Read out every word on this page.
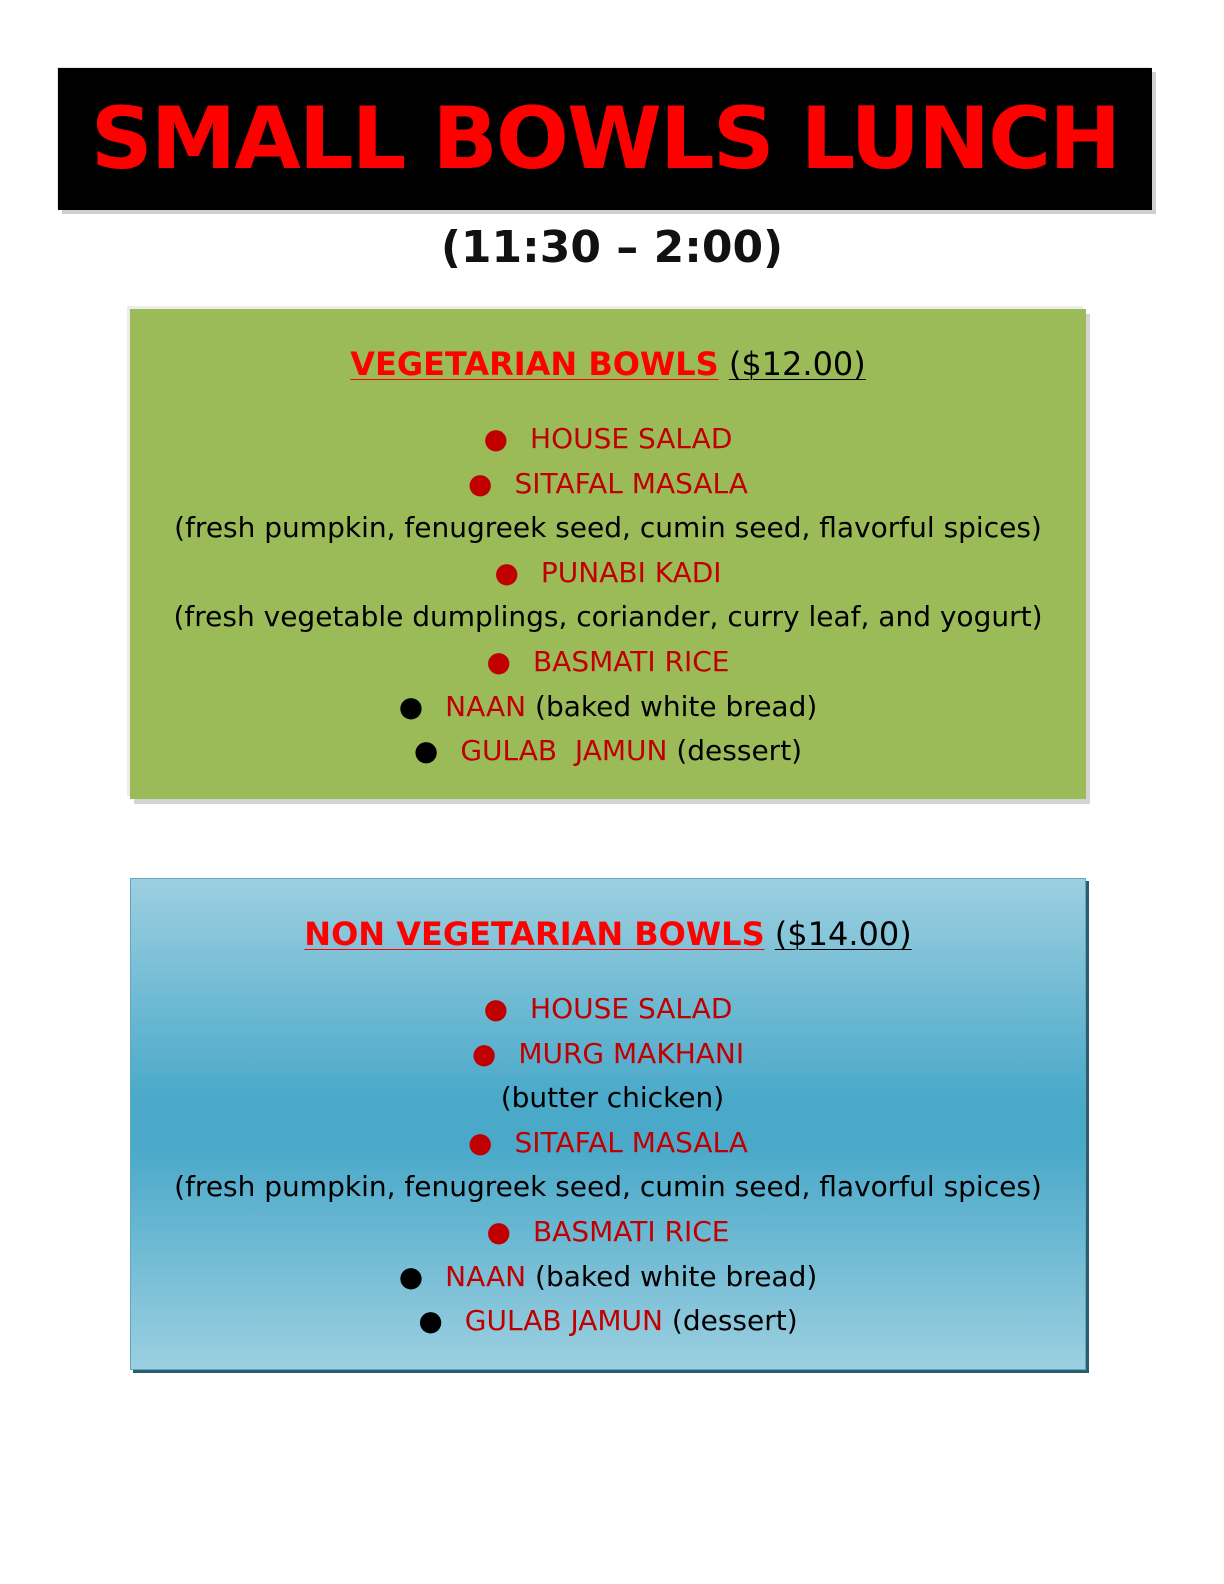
SMALL BOWLS LUNCH
(11:30 – 2:00)

VEGETARIAN BOWLS ($12.00)

● HOUSE SALAD
● SITAFAL MASALA
(fresh pumpkin, fenugreek seed, cumin seed, flavorful spices)
● PUNABI KADI
(fresh vegetable dumplings, coriander, curry leaf, and yogurt)
● BASMATI RICE
● NAAN (baked white bread)
● GULAB  JAMUN (dessert)

NON VEGETARIAN BOWLS ($14.00)

● HOUSE SALAD
● MURG MAKHANI
(butter chicken)
● SITAFAL MASALA
(fresh pumpkin, fenugreek seed, cumin seed, flavorful spices)
● BASMATI RICE
● NAAN (baked white bread)
● GULAB JAMUN (dessert)
